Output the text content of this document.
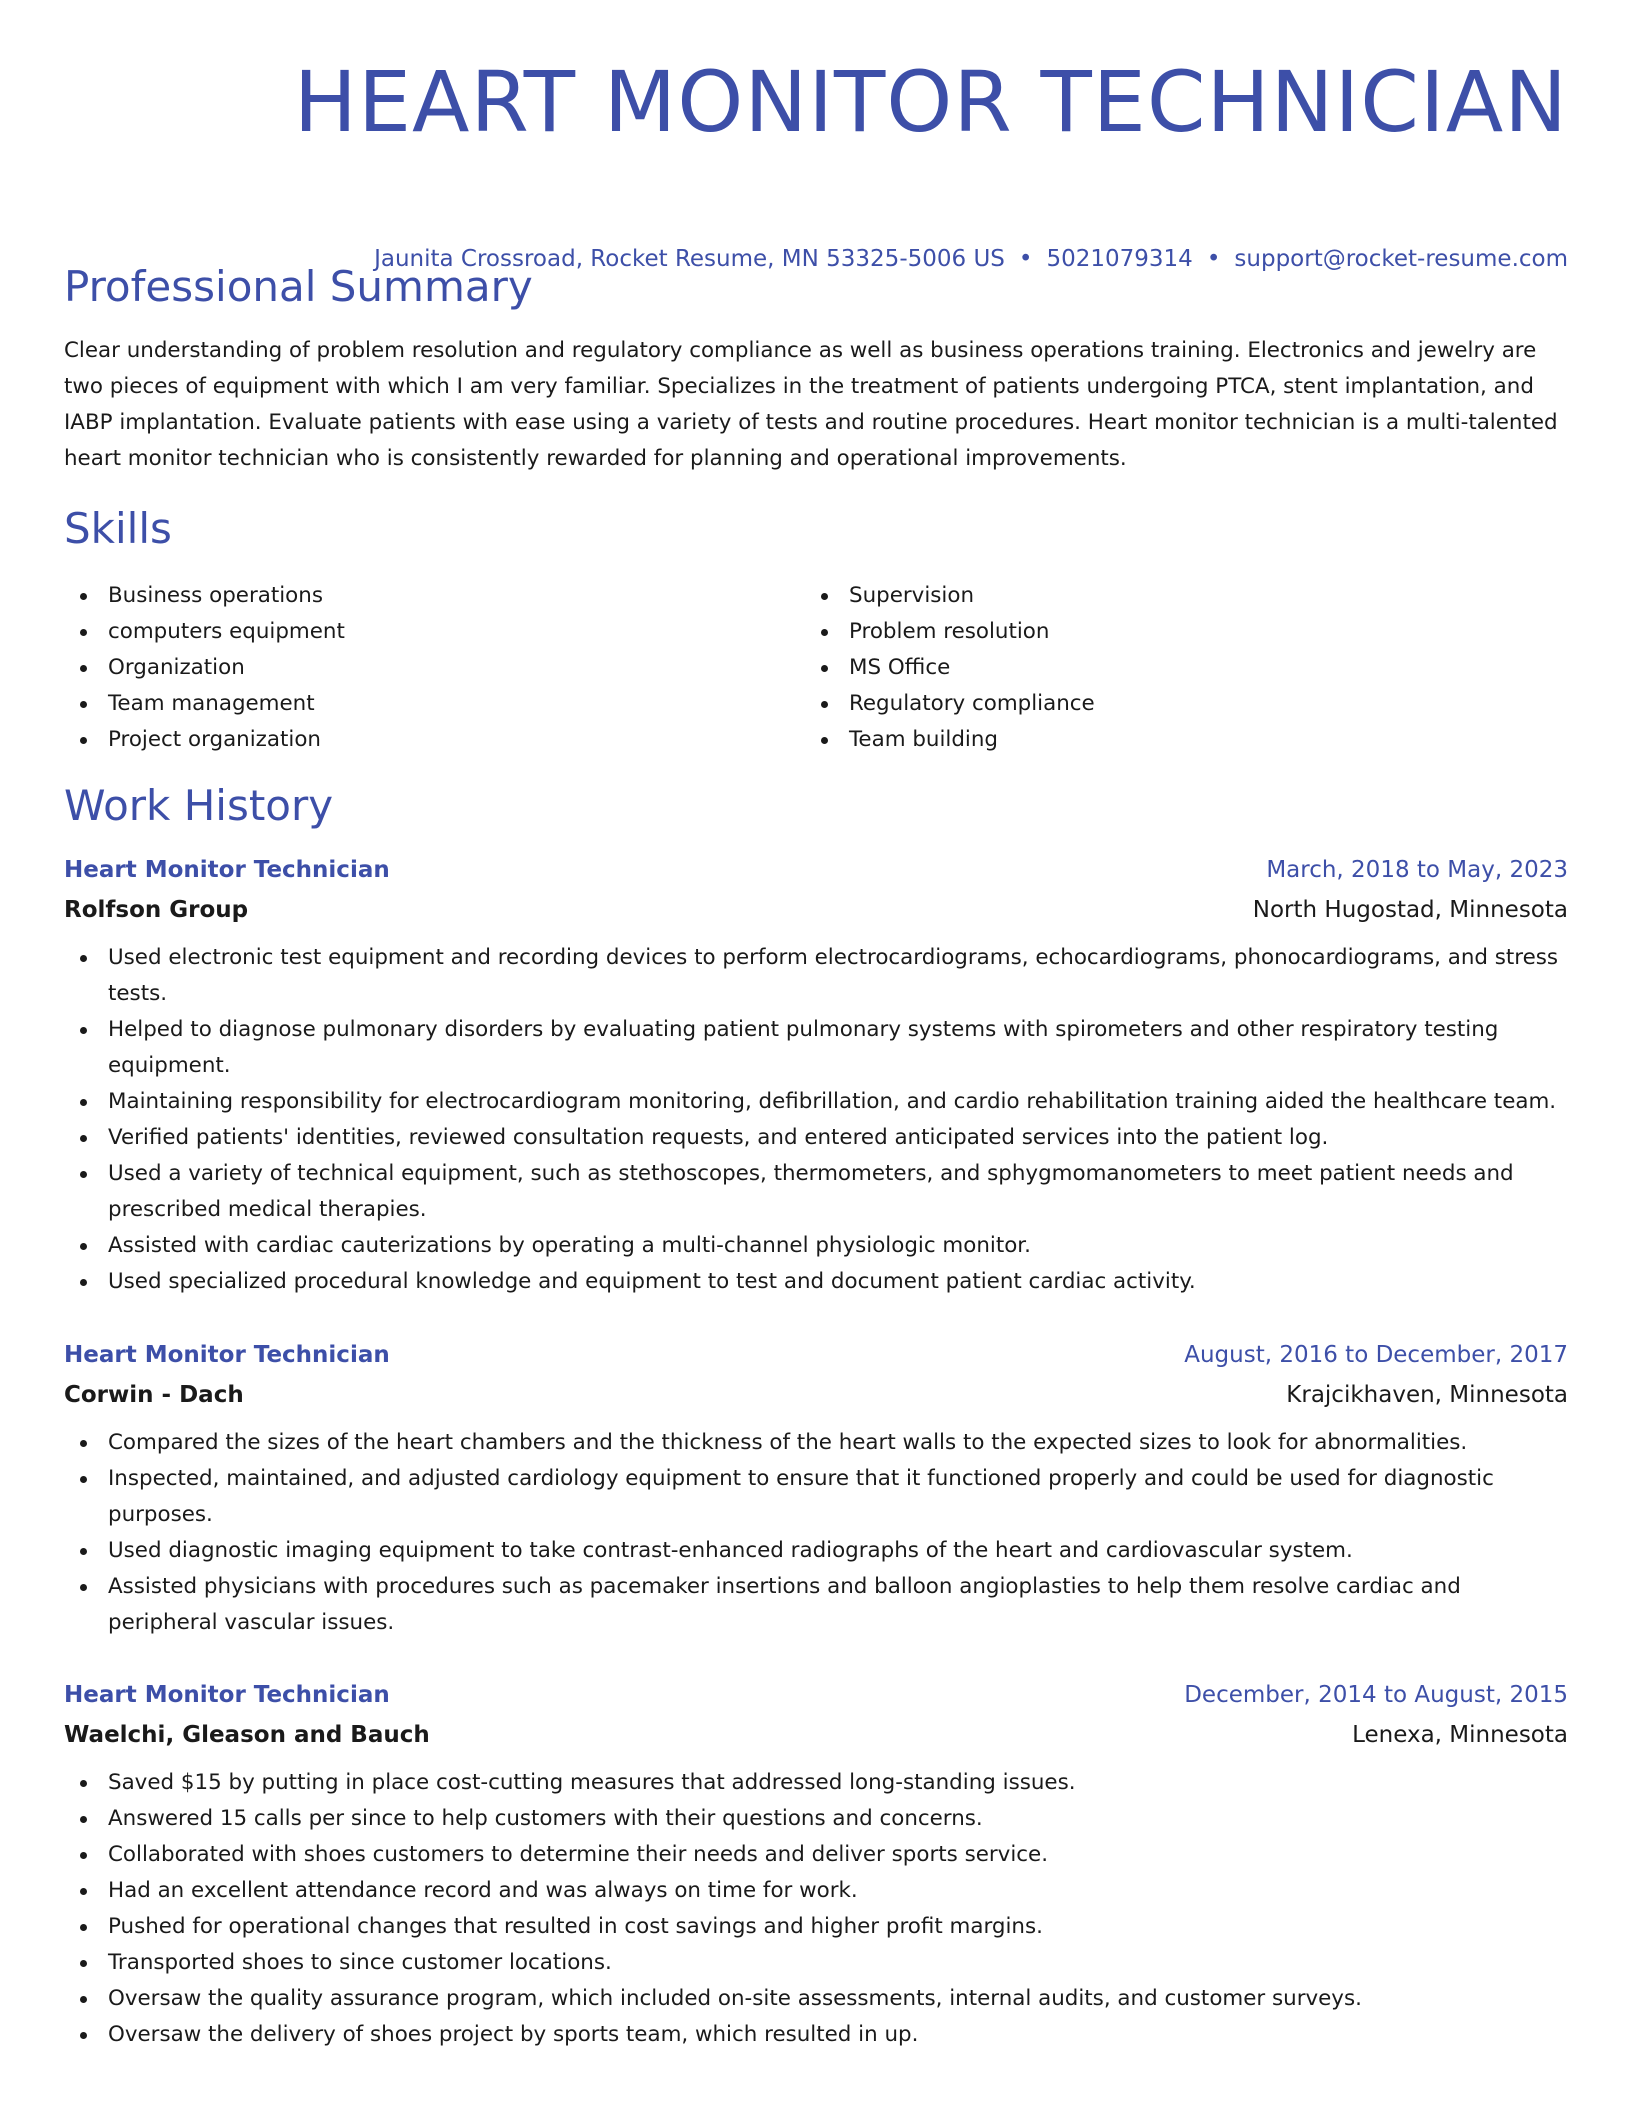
HEART MONITOR TECHNICIAN
Jaunita Crossroad, Rocket Resume, MN 53325-5006 US • 5021079314 • support@rocket-resume.com
Professional Summary

Clear understanding of problem resolution and regulatory compliance as well as business operations training. Electronics and jewelry are two pieces of equipment with which I am very familiar. Specializes in the treatment of patients undergoing PTCA, stent implantation, and IABP implantation. Evaluate patients with ease using a variety of tests and routine procedures. Heart monitor technician is a multi-talented heart monitor technician who is consistently rewarded for planning and operational improvements.

Skills
Business operations
computers equipment
Organization
Team management
Project organization
Supervision
Problem resolution
MS Office
Regulatory compliance
Team building
Work History
Heart Monitor Technician	March, 2018 to May, 2023
Rolfson Group	North Hugostad, Minnesota
Used electronic test equipment and recording devices to perform electrocardiograms, echocardiograms, phonocardiograms, and stress tests.
Helped to diagnose pulmonary disorders by evaluating patient pulmonary systems with spirometers and other respiratory testing equipment.
Maintaining responsibility for electrocardiogram monitoring, defibrillation, and cardio rehabilitation training aided the healthcare team.
Verified patients' identities, reviewed consultation requests, and entered anticipated services into the patient log.
Used a variety of technical equipment, such as stethoscopes, thermometers, and sphygmomanometers to meet patient needs and prescribed medical therapies.
Assisted with cardiac cauterizations by operating a multi-channel physiologic monitor.
Used specialized procedural knowledge and equipment to test and document patient cardiac activity.
Heart Monitor Technician	August, 2016 to December, 2017
Corwin - Dach	Krajcikhaven, Minnesota
Compared the sizes of the heart chambers and the thickness of the heart walls to the expected sizes to look for abnormalities.
Inspected, maintained, and adjusted cardiology equipment to ensure that it functioned properly and could be used for diagnostic purposes.
Used diagnostic imaging equipment to take contrast-enhanced radiographs of the heart and cardiovascular system.
Assisted physicians with procedures such as pacemaker insertions and balloon angioplasties to help them resolve cardiac and peripheral vascular issues.
Heart Monitor Technician	December, 2014 to August, 2015
Waelchi, Gleason and Bauch	Lenexa, Minnesota
Saved $15 by putting in place cost-cutting measures that addressed long-standing issues.
Answered 15 calls per since to help customers with their questions and concerns.
Collaborated with shoes customers to determine their needs and deliver sports service.
Had an excellent attendance record and was always on time for work.
Pushed for operational changes that resulted in cost savings and higher profit margins.
Transported shoes to since customer locations.
Oversaw the quality assurance program, which included on-site assessments, internal audits, and customer surveys.
Oversaw the delivery of shoes project by sports team, which resulted in up.
